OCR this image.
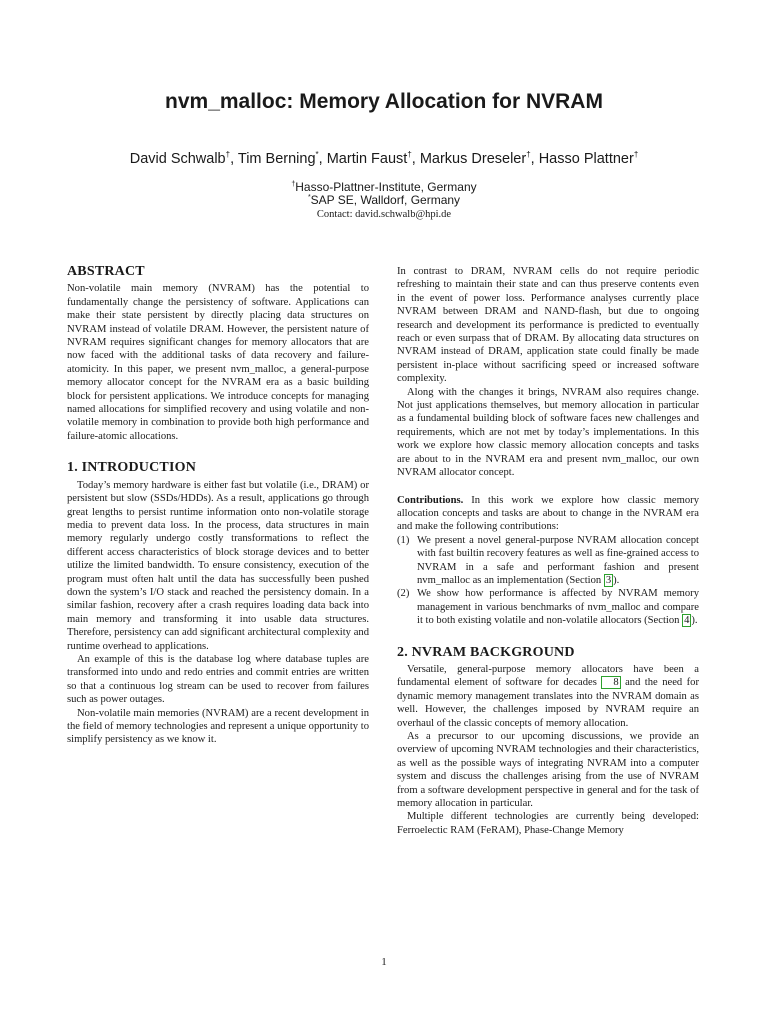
nvm_malloc: Memory Allocation for NVRAM
David Schwalb†, Tim Berning*, Martin Faust†, Markus Dreseler†, Hasso Plattner†
†Hasso-Plattner-Institute, Germany
*SAP SE, Walldorf, Germany
Contact: david.schwalb@hpi.de
ABSTRACT

Non-volatile main memory (NVRAM) has the potential to fundamentally change the persistency of software. Applications can make their state persistent by directly placing data structures on NVRAM instead of volatile DRAM. However, the persistent nature of NVRAM requires significant changes for memory allocators that are now faced with the additional tasks of data recovery and failure-atomicity. In this paper, we present nvm_malloc, a general-purpose memory allocator concept for the NVRAM era as a basic building block for persistent applications. We introduce concepts for managing named allocations for simplified recovery and using volatile and non-volatile memory in combination to provide both high performance and failure-atomic allocations.

1. INTRODUCTION

Today’s memory hardware is either fast but volatile (i.e., DRAM) or persistent but slow (SSDs/HDDs). As a result, applications go through great lengths to persist runtime information onto non-volatile storage media to prevent data loss. In the process, data structures in main memory regularly undergo costly transformations to reflect the different access characteristics of block storage devices and to better utilize the limited bandwidth. To ensure consistency, execution of the program must often halt until the data has successfully been pushed down the system’s I/O stack and reached the persistency domain. In a similar fashion, recovery after a crash requires loading data back into main memory and transforming it into usable data structures. Therefore, persistency can add significant architectural complexity and runtime overhead to applications.

An example of this is the database log where database tuples are transformed into undo and redo entries and commit entries are written so that a continuous log stream can be used to recover from failures such as power outages.

Non-volatile main memories (NVRAM) are a recent development in the field of memory technologies and represent a unique opportunity to simplify persistency as we know it.

In contrast to DRAM, NVRAM cells do not require periodic refreshing to maintain their state and can thus preserve contents even in the event of power loss. Performance analyses currently place NVRAM between DRAM and NAND-flash, but due to ongoing research and development its performance is predicted to eventually reach or even surpass that of DRAM. By allocating data structures on NVRAM instead of DRAM, application state could finally be made persistent in-place without sacrificing speed or increased software complexity.

Along with the changes it brings, NVRAM also requires change. Not just applications themselves, but memory allocation in particular as a fundamental building block of software faces new challenges and requirements, which are not met by today’s implementations. In this work we explore how classic memory allocation concepts and tasks are about to in the NVRAM era and present nvm_malloc, our own NVRAM allocator concept.

Contributions. In this work we explore how classic memory allocation concepts and tasks are about to change in the NVRAM era and make the following contributions:

(1) We present a novel general-purpose NVRAM allocation concept with fast builtin recovery features as well as fine-grained access to NVRAM in a safe and performant fashion and present nvm_malloc as an implementation (Section 3 ).
(2) We show how performance is affected by NVRAM memory management in various benchmarks of nvm_malloc and compare it to both existing volatile and non-volatile allocators (Section 4 ).
2. NVRAM BACKGROUND

Versatile, general-purpose memory allocators have been a fundamental element of software for decades 8 and the need for dynamic memory management translates into the NVRAM domain as well. However, the challenges imposed by NVRAM require an overhaul of the classic concepts of memory allocation.

As a precursor to our upcoming discussions, we provide an overview of upcoming NVRAM technologies and their characteristics, as well as the possible ways of integrating NVRAM into a computer system and discuss the challenges arising from the use of NVRAM from a software development perspective in general and for the task of memory allocation in particular.

Multiple different technologies are currently being developed: Ferroelectic RAM (FeRAM), Phase-Change Memory

1
